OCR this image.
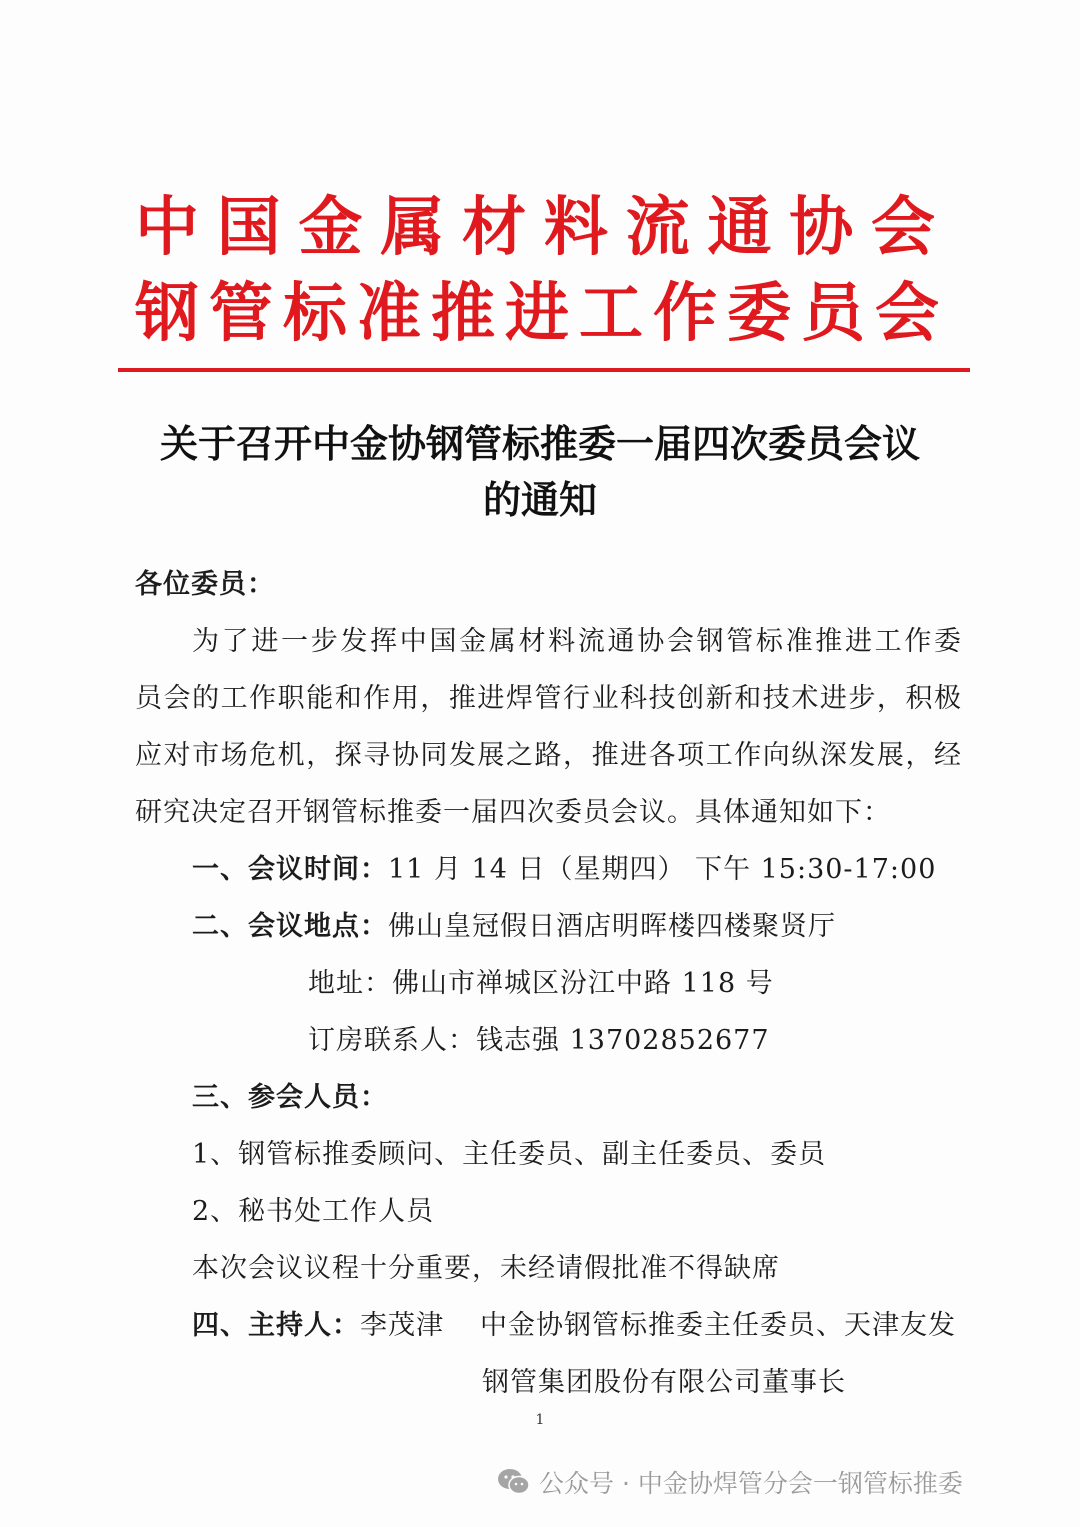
中国金属材料流通协会
钢管标准推进工作委员会
关于召开中金协钢管标推委一届四次委员会议
的通知
各位委员：
为了进一步发挥中国金属材料流通协会钢管标准推进工作委
员会的工作职能和作用，推进焊管行业科技创新和技术进步，积极
应对市场危机，探寻协同发展之路，推进各项工作向纵深发展，经
研究决定召开钢管标推委一届四次委员会议。具体通知如下：
一、会议时间：11 月 14 日（星期四） 下午 15:30-17:00
二、会议地点：佛山皇冠假日酒店明晖楼四楼聚贤厅
地址：佛山市禅城区汾江中路 118 号
订房联系人：钱志强 13702852677
三、参会人员：
1、钢管标推委顾问、主任委员、副主任委员、委员
2、秘书处工作人员
本次会议议程十分重要，未经请假批准不得缺席
四、主持人：李茂津 中金协钢管标推委主任委员、天津友发
钢管集团股份有限公司董事长
1
公众号 · 中金协焊管分会一钢管标推委
